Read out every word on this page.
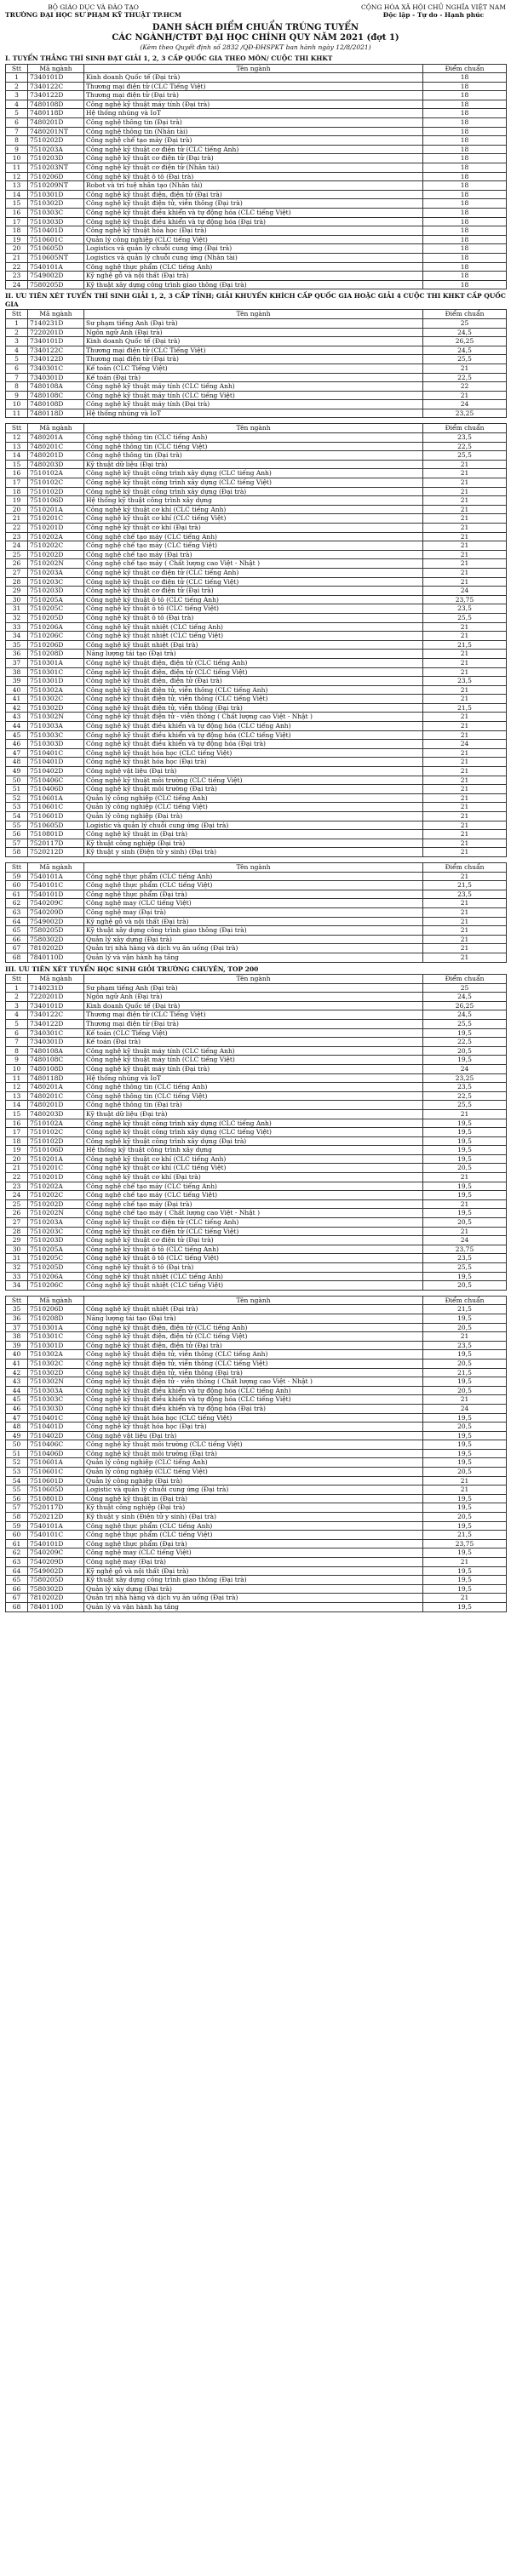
BỘ GIÁO DỤC VÀ ĐÀO TẠO
TRƯỜNG ĐẠI HỌC SƯ PHẠM KỸ THUẬT TP.HCM
CỘNG HÒA XÃ HỘI CHỦ NGHĨA VIỆT NAM
Độc lập - Tự do - Hạnh phúc
DANH SÁCH ĐIỂM CHUẨN TRÚNG TUYỂN
CÁC NGÀNH/CTĐT ĐẠI HỌC CHÍNH QUY NĂM 2021 (đợt 1)
(Kèm theo Quyết định số 2832 /QĐ-ĐHSPKT ban hành ngày 12/8/2021)
I. TUYỂN THẲNG THÍ SINH ĐẠT GIẢI 1, 2, 3 CẤP QUỐC GIA THEO MÔN/ CUỘC THI KHKT
Stt	Mã ngành	Tên ngành	Điểm chuẩn
1	7340101D	Kinh doanh Quốc tế (Đại trà)	18
2	7340122C	Thương mại điện tử (CLC Tiếng Việt)	18
3	7340122D	Thương mại điện tử (Đại trà)	18
4	7480108D	Công nghệ kỹ thuật máy tính (Đại trà)	18
5	7480118D	Hệ thống nhúng và IoT	18
6	7480201D	Công nghệ thông tin (Đại trà)	18
7	7480201NT	Công nghệ thông tin (Nhân tài)	18
8	7510202D	Công nghệ chế tạo máy (Đại trà)	18
9	7510203A	Công nghệ kỹ thuật cơ điện tử (CLC tiếng Anh)	18
10	7510203D	Công nghệ kỹ thuật cơ điện tử (Đại trà)	18
11	7510203NT	Công nghệ kỹ thuật cơ điện tử (Nhân tài)	18
12	7510206D	Công nghệ kỹ thuật ô tô (Đại trà)	18
13	7510209NT	Robot và trí tuệ nhân tạo (Nhân tài)	18
14	7510301D	Công nghệ kỹ thuật điện, điện tử (Đại trà)	18
15	7510302D	Công nghệ kỹ thuật điện tử, viễn thông (Đại trà)	18
16	7510303C	Công nghệ kỹ thuật điều khiển và tự động hóa (CLC tiếng Việt)	18
17	7510303D	Công nghệ kỹ thuật điều khiển và tự động hóa (Đại trà)	18
18	7510401D	Công nghệ kỹ thuật hóa học (Đại trà)	18
19	7510601C	Quản lý công nghiệp (CLC tiếng Việt)	18
20	7510605D	Logistics và quản lý chuỗi cung ứng (Đại trà)	18
21	7510605NT	Logistics và quản lý chuỗi cung ứng (Nhân tài)	18
22	7540101A	Công nghệ thực phẩm (CLC tiếng Anh)	18
23	7549002D	Kỹ nghệ gỗ và nội thất (Đại trà)	18
24	7580205D	Kỹ thuật xây dựng công trình giao thông (Đại trà)	18
II. ƯU TIÊN XÉT TUYỂN THÍ SINH GIẢI 1, 2, 3 CẤP TỈNH; GIẢI KHUYẾN KHÍCH CẤP QUỐC GIA HOẶC GIẢI 4 CUỘC THI KHKT CẤP QUỐC GIA
Stt	Mã ngành	Tên ngành	Điểm chuẩn
1	7140231D	Sư phạm tiếng Anh (Đại trà)	25
2	7220201D	Ngôn ngữ Anh (Đại trà)	24,5
3	7340101D	Kinh doanh Quốc tế (Đại trà)	26,25
4	7340122C	Thương mại điện tử (CLC Tiếng Việt)	24,5
5	7340122D	Thương mại điện tử (Đại trà)	25,5
6	7340301C	Kế toán (CLC Tiếng Việt)	21
7	7340301D	Kế toán (Đại trà)	22,5
8	7480108A	Công nghệ kỹ thuật máy tính (CLC tiếng Anh)	22
9	7480108C	Công nghệ kỹ thuật máy tính (CLC tiếng Việt)	21
10	7480108D	Công nghệ kỹ thuật máy tính (Đại trà)	24
11	7480118D	Hệ thống nhúng và IoT	23,25
Stt	Mã ngành	Tên ngành	Điểm chuẩn
12	7480201A	Công nghệ thông tin (CLC tiếng Anh)	23,5
13	7480201C	Công nghệ thông tin (CLC tiếng Việt)	22,5
14	7480201D	Công nghệ thông tin (Đại trà)	25,5
15	7480203D	Kỹ thuật dữ liệu (Đại trà)	21
16	7510102A	Công nghệ kỹ thuật công trình xây dựng (CLC tiếng Anh)	21
17	7510102C	Công nghệ kỹ thuật công trình xây dựng (CLC tiếng Việt)	21
18	7510102D	Công nghệ kỹ thuật công trình xây dựng (Đại trà)	21
19	7510106D	Hệ thống kỹ thuật công trình xây dựng	21
20	7510201A	Công nghệ kỹ thuật cơ khí (CLC tiếng Anh)	21
21	7510201C	Công nghệ kỹ thuật cơ khí (CLC tiếng Việt)	21
22	7510201D	Công nghệ kỹ thuật cơ khí (Đại trà)	21
23	7510202A	Công nghệ chế tạo máy (CLC tiếng Anh)	21
24	7510202C	Công nghệ chế tạo máy (CLC tiếng Việt)	21
25	7510202D	Công nghệ chế tạo máy (Đại trà)	21
26	7510202N	Công nghệ chế tạo máy ( Chất lượng cao Việt - Nhật )	21
27	7510203A	Công nghệ kỹ thuật cơ điện tử (CLC tiếng Anh)	21
28	7510203C	Công nghệ kỹ thuật cơ điện tử (CLC tiếng Việt)	21
29	7510203D	Công nghệ kỹ thuật cơ điện tử (Đại trà)	24
30	7510205A	Công nghệ kỹ thuật ô tô (CLC tiếng Anh)	23,75
31	7510205C	Công nghệ kỹ thuật ô tô (CLC tiếng Việt)	23,5
32	7510205D	Công nghệ kỹ thuật ô tô (Đại trà)	25,5
33	7510206A	Công nghệ kỹ thuật nhiệt (CLC tiếng Anh)	21
34	7510206C	Công nghệ kỹ thuật nhiệt (CLC tiếng Việt)	21
35	7510206D	Công nghệ kỹ thuật nhiệt (Đại trà)	21,5
36	7510208D	Năng lượng tái tạo (Đại trà)	21
37	7510301A	Công nghệ kỹ thuật điện, điện tử (CLC tiếng Anh)	21
38	7510301C	Công nghệ kỹ thuật điện, điện tử (CLC tiếng Việt)	21
39	7510301D	Công nghệ kỹ thuật điện, điện tử (Đại trà)	23,5
40	7510302A	Công nghệ kỹ thuật điện tử, viễn thông (CLC tiếng Anh)	21
41	7510302C	Công nghệ kỹ thuật điện tử, viễn thông (CLC tiếng Việt)	21
42	7510302D	Công nghệ kỹ thuật điện tử, viễn thông (Đại trà)	21,5
43	7510302N	Công nghệ kỹ thuật điện tử - viễn thông ( Chất lượng cao Việt - Nhật )	21
44	7510303A	Công nghệ kỹ thuật điều khiển và tự động hóa (CLC tiếng Anh)	21
45	7510303C	Công nghệ kỹ thuật điều khiển và tự động hóa (CLC tiếng Việt)	21
46	7510303D	Công nghệ kỹ thuật điều khiển và tự động hóa (Đại trà)	24
47	7510401C	Công nghệ kỹ thuật hóa học (CLC tiếng Việt)	21
48	7510401D	Công nghệ kỹ thuật hóa học (Đại trà)	21
49	7510402D	Công nghệ vật liệu (Đại trà)	21
50	7510406C	Công nghệ kỹ thuật môi trường (CLC tiếng Việt)	21
51	7510406D	Công nghệ kỹ thuật môi trường (Đại trà)	21
52	7510601A	Quản lý công nghiệp (CLC tiếng Anh)	21
53	7510601C	Quản lý công nghiệp (CLC tiếng Việt)	21
54	7510601D	Quản lý công nghiệp (Đại trà)	21
55	7510605D	Logistic và quản lý chuỗi cung ứng (Đại trà)	21
56	7510801D	Công nghệ kỹ thuật in (Đại trà)	21
57	7520117D	Kỹ thuật công nghiệp (Đại trà)	21
58	7520212D	Kỹ thuật y sinh (Điện tử y sinh) (Đại trà)	21
Stt	Mã ngành	Tên ngành	Điểm chuẩn
59	7540101A	Công nghệ thực phẩm (CLC tiếng Anh)	21
60	7540101C	Công nghệ thực phẩm (CLC tiếng Việt)	21,5
61	7540101D	Công nghệ thực phẩm (Đại trà)	23,5
62	7540209C	Công nghệ may (CLC tiếng Việt)	21
63	7540209D	Công nghệ may (Đại trà)	21
64	7549002D	Kỹ nghệ gỗ và nội thất (Đại trà)	21
65	7580205D	Kỹ thuật xây dựng công trình giao thông (Đại trà)	21
66	7580302D	Quản lý xây dựng (Đại trà)	21
67	7810202D	Quản trị nhà hàng và dịch vụ ăn uống (Đại trà)	21
68	7840110D	Quản lý và vận hành hạ tầng	21
III. ƯU TIÊN XÉT TUYỂN HỌC SINH GIỎI TRƯỜNG CHUYÊN, TOP 200
Stt	Mã ngành	Tên ngành	Điểm chuẩn
1	7140231D	Sư phạm tiếng Anh (Đại trà)	25
2	7220201D	Ngôn ngữ Anh (Đại trà)	24,5
3	7340101D	Kinh doanh Quốc tế (Đại trà)	26,25
4	7340122C	Thương mại điện tử (CLC Tiếng Việt)	24,5
5	7340122D	Thương mại điện tử (Đại trà)	25,5
6	7340301C	Kế toán (CLC Tiếng Việt)	19,5
7	7340301D	Kế toán (Đại trà)	22,5
8	7480108A	Công nghệ kỹ thuật máy tính (CLC tiếng Anh)	20,5
9	7480108C	Công nghệ kỹ thuật máy tính (CLC tiếng Việt)	19,5
10	7480108D	Công nghệ kỹ thuật máy tính (Đại trà)	24
11	7480118D	Hệ thống nhúng và IoT	23,25
12	7480201A	Công nghệ thông tin (CLC tiếng Anh)	23,5
13	7480201C	Công nghệ thông tin (CLC tiếng Việt)	22,5
14	7480201D	Công nghệ thông tin (Đại trà)	25,5
15	7480203D	Kỹ thuật dữ liệu (Đại trà)	21
16	7510102A	Công nghệ kỹ thuật công trình xây dựng (CLC tiếng Anh)	19,5
17	7510102C	Công nghệ kỹ thuật công trình xây dựng (CLC tiếng Việt)	19,5
18	7510102D	Công nghệ kỹ thuật công trình xây dựng (Đại trà)	19,5
19	7510106D	Hệ thống kỹ thuật công trình xây dựng	19,5
20	7510201A	Công nghệ kỹ thuật cơ khí (CLC tiếng Anh)	19,5
21	7510201C	Công nghệ kỹ thuật cơ khí (CLC tiếng Việt)	20,5
22	7510201D	Công nghệ kỹ thuật cơ khí (Đại trà)	21
23	7510202A	Công nghệ chế tạo máy (CLC tiếng Anh)	19,5
24	7510202C	Công nghệ chế tạo máy (CLC tiếng Việt)	19,5
25	7510202D	Công nghệ chế tạo máy (Đại trà)	21
26	7510202N	Công nghệ chế tạo máy ( Chất lượng cao Việt - Nhật )	19,5
27	7510203A	Công nghệ kỹ thuật cơ điện tử (CLC tiếng Anh)	20,5
28	7510203C	Công nghệ kỹ thuật cơ điện tử (CLC tiếng Việt)	21
29	7510203D	Công nghệ kỹ thuật cơ điện tử (Đại trà)	24
30	7510205A	Công nghệ kỹ thuật ô tô (CLC tiếng Anh)	23,75
31	7510205C	Công nghệ kỹ thuật ô tô (CLC tiếng Việt)	23,5
32	7510205D	Công nghệ kỹ thuật ô tô (Đại trà)	25,5
33	7510206A	Công nghệ kỹ thuật nhiệt (CLC tiếng Anh)	19,5
34	7510206C	Công nghệ kỹ thuật nhiệt (CLC tiếng Việt)	20,5
Stt	Mã ngành	Tên ngành	Điểm chuẩn
35	7510206D	Công nghệ kỹ thuật nhiệt (Đại trà)	21,5
36	7510208D	Năng lượng tái tạo (Đại trà)	19,5
37	7510301A	Công nghệ kỹ thuật điện, điện tử (CLC tiếng Anh)	20,5
38	7510301C	Công nghệ kỹ thuật điện, điện tử (CLC tiếng Việt)	21
39	7510301D	Công nghệ kỹ thuật điện, điện tử (Đại trà)	23,5
40	7510302A	Công nghệ kỹ thuật điện tử, viễn thông (CLC tiếng Anh)	19,5
41	7510302C	Công nghệ kỹ thuật điện tử, viễn thông (CLC tiếng Việt)	20,5
42	7510302D	Công nghệ kỹ thuật điện tử, viễn thông (Đại trà)	21,5
43	7510302N	Công nghệ kỹ thuật điện tử - viễn thông ( Chất lượng cao Việt - Nhật )	19,5
44	7510303A	Công nghệ kỹ thuật điều khiển và tự động hóa (CLC tiếng Anh)	20,5
45	7510303C	Công nghệ kỹ thuật điều khiển và tự động hóa (CLC tiếng Việt)	21
46	7510303D	Công nghệ kỹ thuật điều khiển và tự động hóa (Đại trà)	24
47	7510401C	Công nghệ kỹ thuật hóa học (CLC tiếng Việt)	19,5
48	7510401D	Công nghệ kỹ thuật hóa học (Đại trà)	20,5
49	7510402D	Công nghệ vật liệu (Đại trà)	19,5
50	7510406C	Công nghệ kỹ thuật môi trường (CLC tiếng Việt)	19,5
51	7510406D	Công nghệ kỹ thuật môi trường (Đại trà)	19,5
52	7510601A	Quản lý công nghiệp (CLC tiếng Anh)	19,5
53	7510601C	Quản lý công nghiệp (CLC tiếng Việt)	20,5
54	7510601D	Quản lý công nghiệp (Đại trà)	21
55	7510605D	Logistic và quản lý chuỗi cung ứng (Đại trà)	21
56	7510801D	Công nghệ kỹ thuật in (Đại trà)	19,5
57	7520117D	Kỹ thuật công nghiệp (Đại trà)	19,5
58	7520212D	Kỹ thuật y sinh (Điện tử y sinh) (Đại trà)	20,5
59	7540101A	Công nghệ thực phẩm (CLC tiếng Anh)	19,5
60	7540101C	Công nghệ thực phẩm (CLC tiếng Việt)	21,5
61	7540101D	Công nghệ thực phẩm (Đại trà)	23,75
62	7540209C	Công nghệ may (CLC tiếng Việt)	19,5
63	7540209D	Công nghệ may (Đại trà)	21
64	7549002D	Kỹ nghệ gỗ và nội thất (Đại trà)	19,5
65	7580205D	Kỹ thuật xây dựng công trình giao thông (Đại trà)	19,5
66	7580302D	Quản lý xây dựng (Đại trà)	19,5
67	7810202D	Quản trị nhà hàng và dịch vụ ăn uống (Đại trà)	21
68	7840110D	Quản lý và vận hành hạ tầng	19,5
